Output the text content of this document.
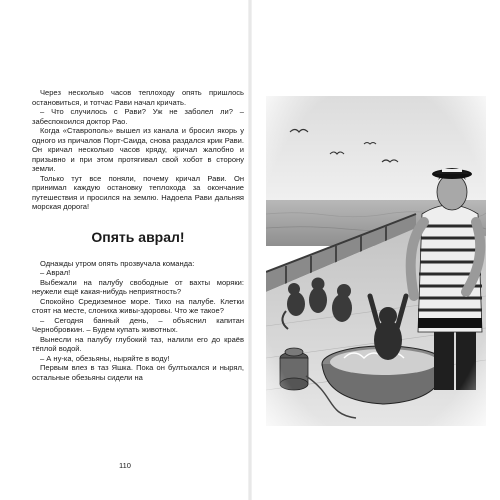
Через несколько часов теплоходу опять пришлось остановиться, и тотчас Рави начал кричать.

– Что случилось с Рави? Уж не заболел ли? – забеспокоился доктор Рао.

Когда «Ставрополь» вышел из канала и бросил якорь у одного из причалов Порт-Саида, снова раздался крик Рави. Он кричал несколько часов кряду, кричал жалобно и призывно и при этом протягивал свой хобот в сторону земли.

Только тут все поняли, почему кричал Рави. Он принимал каждую остановку теплохода за окончание путешествия и просился на землю. Надоела Рави дальняя морская дорога!

Опять аврал!

Однажды утром опять прозвучала команда:

– Аврал!

Выбежали на палубу свободные от вахты моряки: неужели ещё какая-нибудь неприятность?

Спокойно Средиземное море. Тихо на палубе. Клетки стоят на месте, слониха живы-здоровы. Что же такое?

– Сегодня банный день, – объяснил капитан Чернобровкин. – Будем купать животных.

Вынесли на палубу глубокий таз, налили его до краёв тёплой водой.

– А ну-ка, обезьяны, ныряйте в воду!

Первым влез в таз Яшка. Пока он бултыхался и нырял, остальные обезьяны сидели на

110
